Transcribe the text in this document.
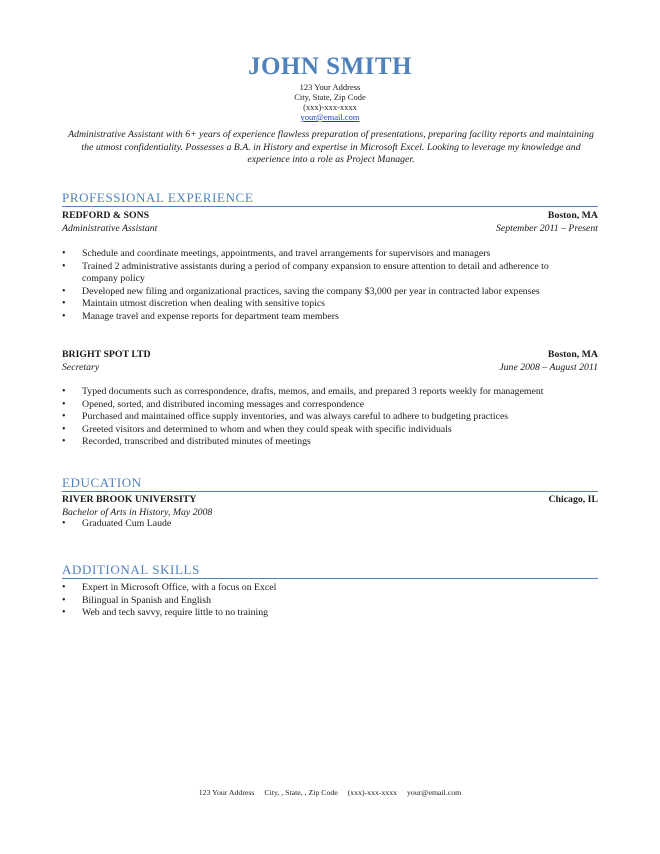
JOHN SMITH
123 Your Address
City, State, Zip Code
(xxx)-xxx-xxxx
your@email.com
Administrative Assistant with 6+ years of experience flawless preparation of presentations, preparing facility reports and maintaining the utmost confidentiality. Possesses a B.A. in History and expertise in Microsoft Excel. Looking to leverage my knowledge and experience into a role as Project Manager.
PROFESSIONAL EXPERIENCE
REDFORD & SONS	Boston, MA
Administrative Assistant	September 2011 – Present
• Schedule and coordinate meetings, appointments, and travel arrangements for supervisors and managers
• Trained 2 administrative assistants during a period of company expansion to ensure attention to detail and adherence to company policy
• Developed new filing and organizational practices, saving the company $3,000 per year in contracted labor expenses
• Maintain utmost discretion when dealing with sensitive topics
• Manage travel and expense reports for department team members
BRIGHT SPOT LTD	Boston, MA
Secretary	June 2008 – August 2011
• Typed documents such as correspondence, drafts, memos, and emails, and prepared 3 reports weekly for management
• Opened, sorted, and distributed incoming messages and correspondence
• Purchased and maintained office supply inventories, and was always careful to adhere to budgeting practices
• Greeted visitors and determined to whom and when they could speak with specific individuals
• Recorded, transcribed and distributed minutes of meetings
EDUCATION
RIVER BROOK UNIVERSITY	Chicago, IL
Bachelor of Arts in History, May 2008
• Graduated Cum Laude
ADDITIONAL SKILLS
• Expert in Microsoft Office, with a focus on Excel
• Bilingual in Spanish and English
• Web and tech savvy, require little to no training
123 Your Address City, , State, , Zip Code (xxx)-xxx-xxxx your@email.com
